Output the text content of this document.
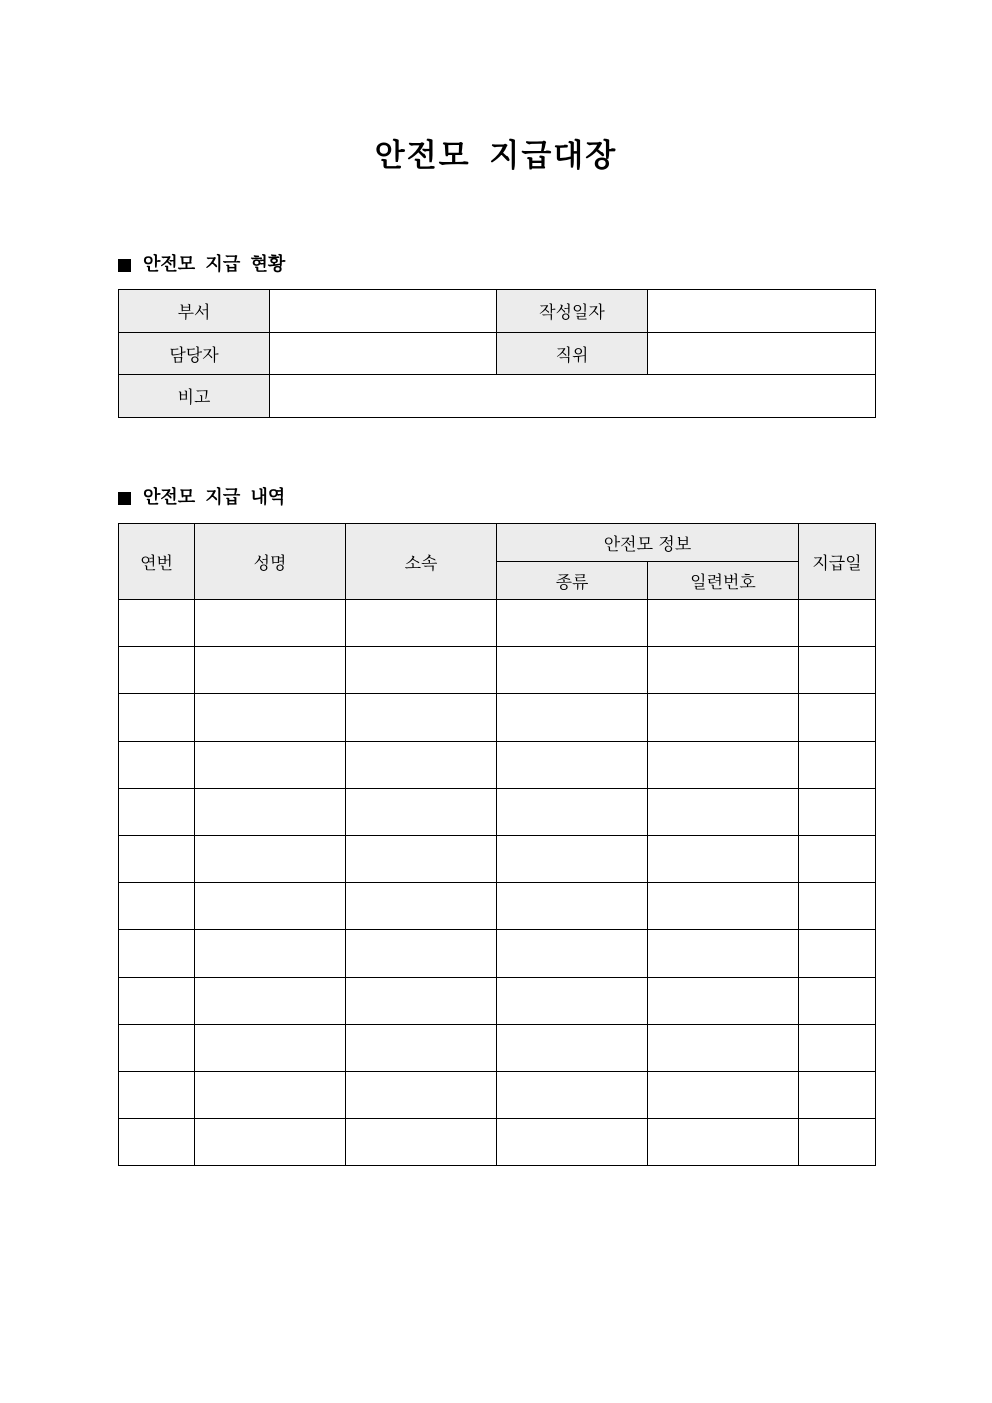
안전모 지급대장
안전모 지급 현황
부서		작성일자	
담당자		직위	
비고			
안전모 지급 내역
연번	성명	소속	안전모 정보		지급일
			종류	일련번호	
